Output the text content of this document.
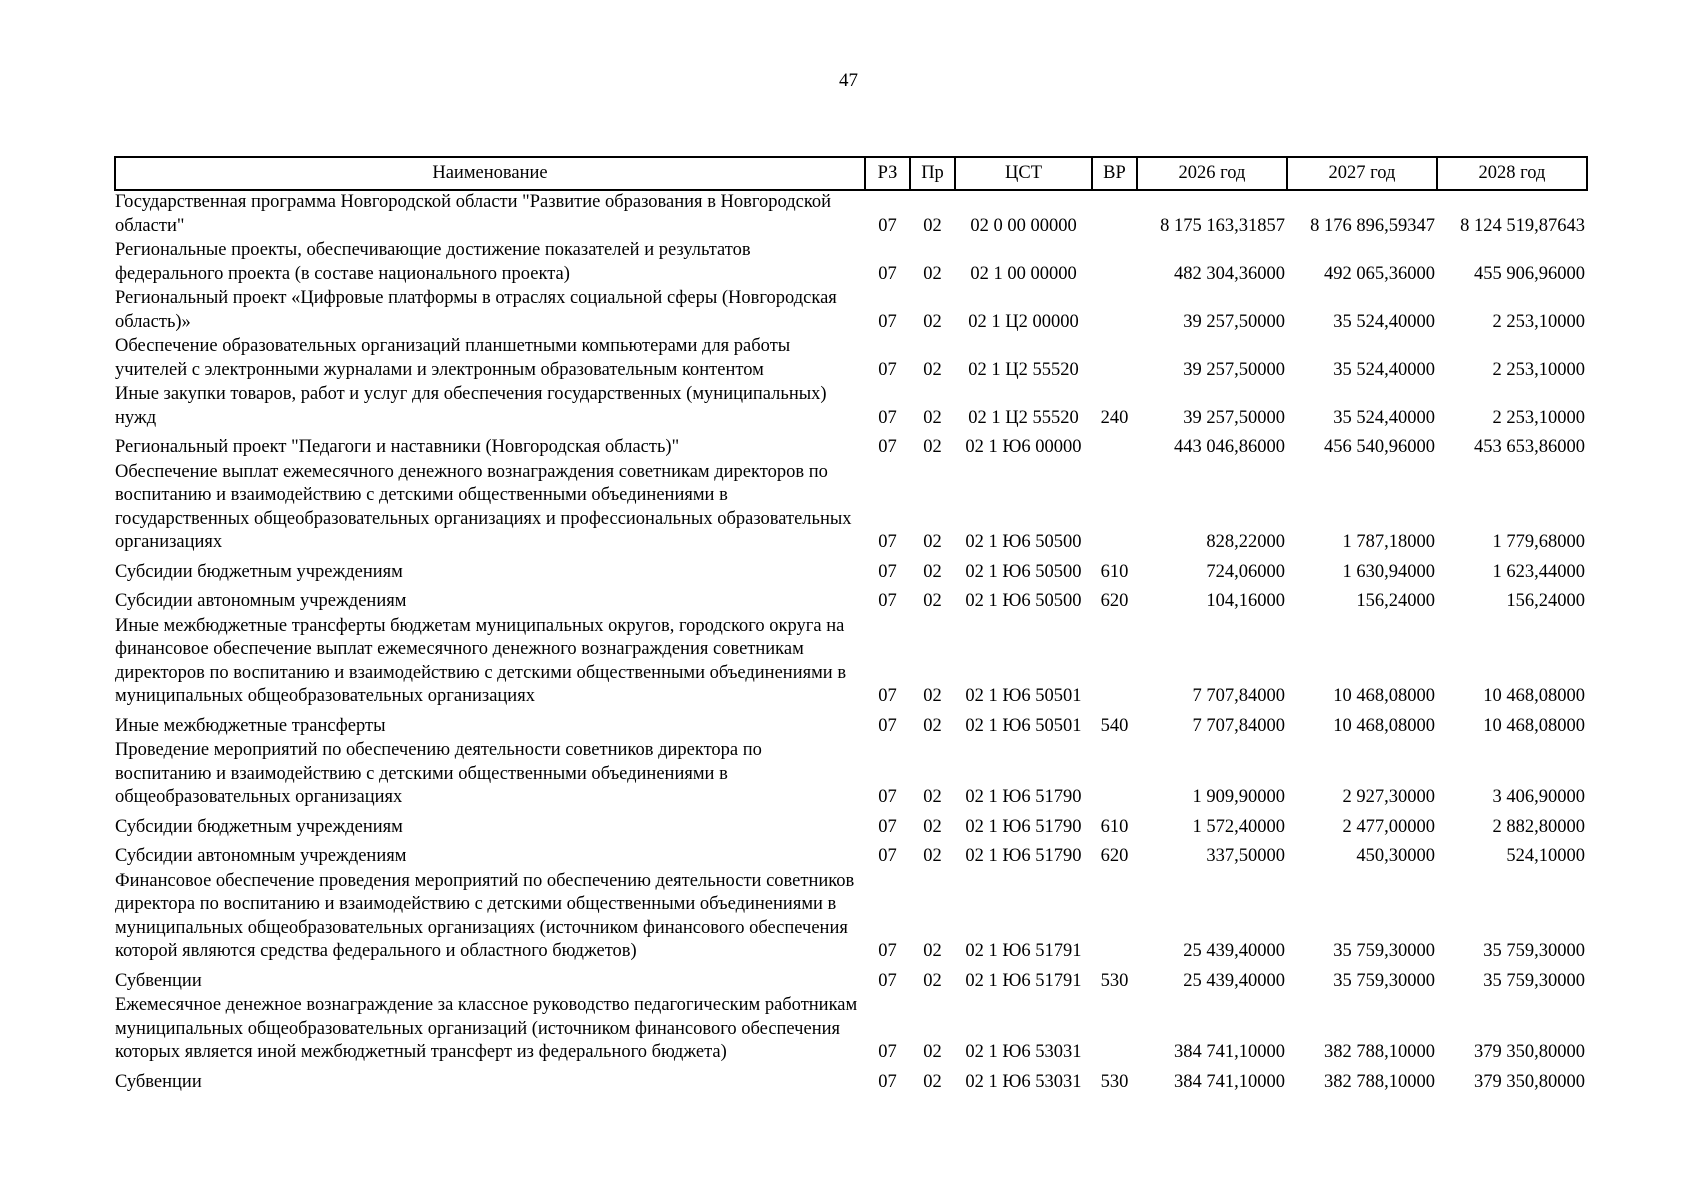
47
Наименование	РЗ	Пр	ЦСТ	ВР	2026 год	2027 год	2028 год
Государственная программа Новгородской области "Развитие образования в Новгородской области"	07	02	02 0 00 00000		8 175 163,31857	8 176 896,59347	8 124 519,87643
Региональные проекты, обеспечивающие достижение показателей и результатов федерального проекта (в составе национального проекта)	07	02	02 1 00 00000		482 304,36000	492 065,36000	455 906,96000
Региональный проект «Цифровые платформы в отраслях социальной сферы (Новгородская область)»	07	02	02 1 Ц2 00000		39 257,50000	35 524,40000	2 253,10000
Обеспечение образовательных организаций планшетными компьютерами для работы учителей с электронными журналами и электронным образовательным контентом	07	02	02 1 Ц2 55520		39 257,50000	35 524,40000	2 253,10000
Иные закупки товаров, работ и услуг для обеспечения государственных (муниципальных) нужд	07	02	02 1 Ц2 55520	240	39 257,50000	35 524,40000	2 253,10000
Региональный проект "Педагоги и наставники (Новгородская область)"	07	02	02 1 Ю6 00000		443 046,86000	456 540,96000	453 653,86000
Обеспечение выплат ежемесячного денежного вознаграждения советникам директоров по воспитанию и взаимодействию с детскими общественными объединениями в государственных общеобразовательных организациях и профессиональных образовательных организациях	07	02	02 1 Ю6 50500		828,22000	1 787,18000	1 779,68000
Субсидии бюджетным учреждениям	07	02	02 1 Ю6 50500	610	724,06000	1 630,94000	1 623,44000
Субсидии автономным учреждениям	07	02	02 1 Ю6 50500	620	104,16000	156,24000	156,24000
Иные межбюджетные трансферты бюджетам муниципальных округов, городского округа на финансовое обеспечение выплат ежемесячного денежного вознаграждения советникам директоров по воспитанию и взаимодействию с детскими общественными объединениями в муниципальных общеобразовательных организациях	07	02	02 1 Ю6 50501		7 707,84000	10 468,08000	10 468,08000
Иные межбюджетные трансферты	07	02	02 1 Ю6 50501	540	7 707,84000	10 468,08000	10 468,08000
Проведение мероприятий по обеспечению деятельности советников директора по воспитанию и взаимодействию с детскими общественными объединениями в общеобразовательных организациях	07	02	02 1 Ю6 51790		1 909,90000	2 927,30000	3 406,90000
Субсидии бюджетным учреждениям	07	02	02 1 Ю6 51790	610	1 572,40000	2 477,00000	2 882,80000
Субсидии автономным учреждениям	07	02	02 1 Ю6 51790	620	337,50000	450,30000	524,10000
Финансовое обеспечение проведения мероприятий по обеспечению деятельности советников директора по воспитанию и взаимодействию с детскими общественными объединениями в муниципальных общеобразовательных организациях (источником финансового обеспечения которой являются средства федерального и областного бюджетов)	07	02	02 1 Ю6 51791		25 439,40000	35 759,30000	35 759,30000
Субвенции	07	02	02 1 Ю6 51791	530	25 439,40000	35 759,30000	35 759,30000
Ежемесячное денежное вознаграждение за классное руководство педагогическим работникам муниципальных общеобразовательных организаций (источником финансового обеспечения которых является иной межбюджетный трансферт из федерального бюджета)	07	02	02 1 Ю6 53031		384 741,10000	382 788,10000	379 350,80000
Субвенции	07	02	02 1 Ю6 53031	530	384 741,10000	382 788,10000	379 350,80000
